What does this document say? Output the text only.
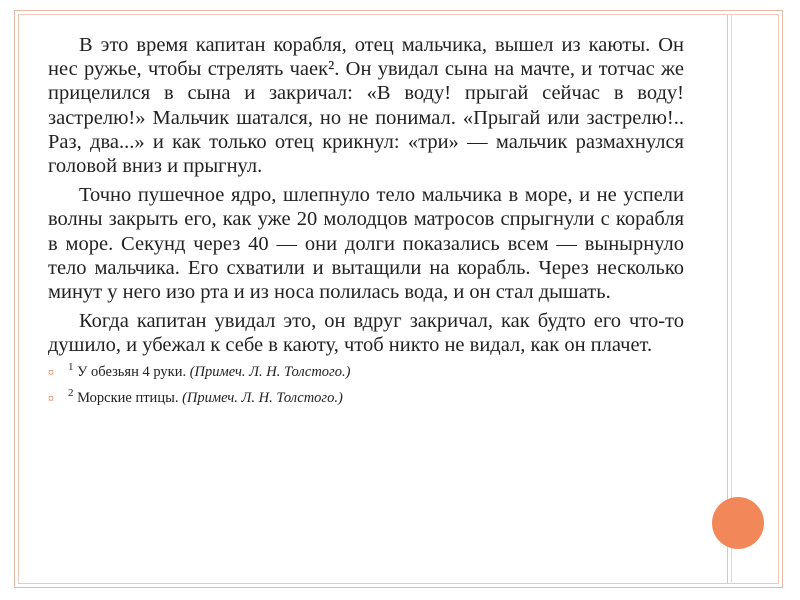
В это время капитан корабля, отец мальчика, вышел из каюты. Он нес ружье, чтобы стрелять чаек². Он увидал сына на мачте, и тотчас же прицелился в сына и закричал: «В воду! прыгай сейчас в воду! застрелю!» Мальчик шатался, но не понимал. «Прыгай или застрелю!.. Раз, два...» и как только отец крикнул: «три» — мальчик размахнулся головой вниз и прыгнул.

Точно пушечное ядро, шлепнуло тело мальчика в море, и не успели волны закрыть его, как уже 20 молодцов матросов спрыгнули с корабля в море. Секунд через 40 — они долги показались всем — вынырнуло тело мальчика. Его схватили и вытащили на корабль. Через несколько минут у него изо рта и из носа полилась вода, и он стал дышать.

Когда капитан увидал это, он вдруг закричал, как будто его что-то душило, и убежал к себе в каюту, чтоб никто не видал, как он плачет.

¤ $^1$ У обезьян 4 руки. (Примеч. Л. Н. Толстого.)
¤ $^2$ Морские птицы. (Примеч. Л. Н. Толстого.)
